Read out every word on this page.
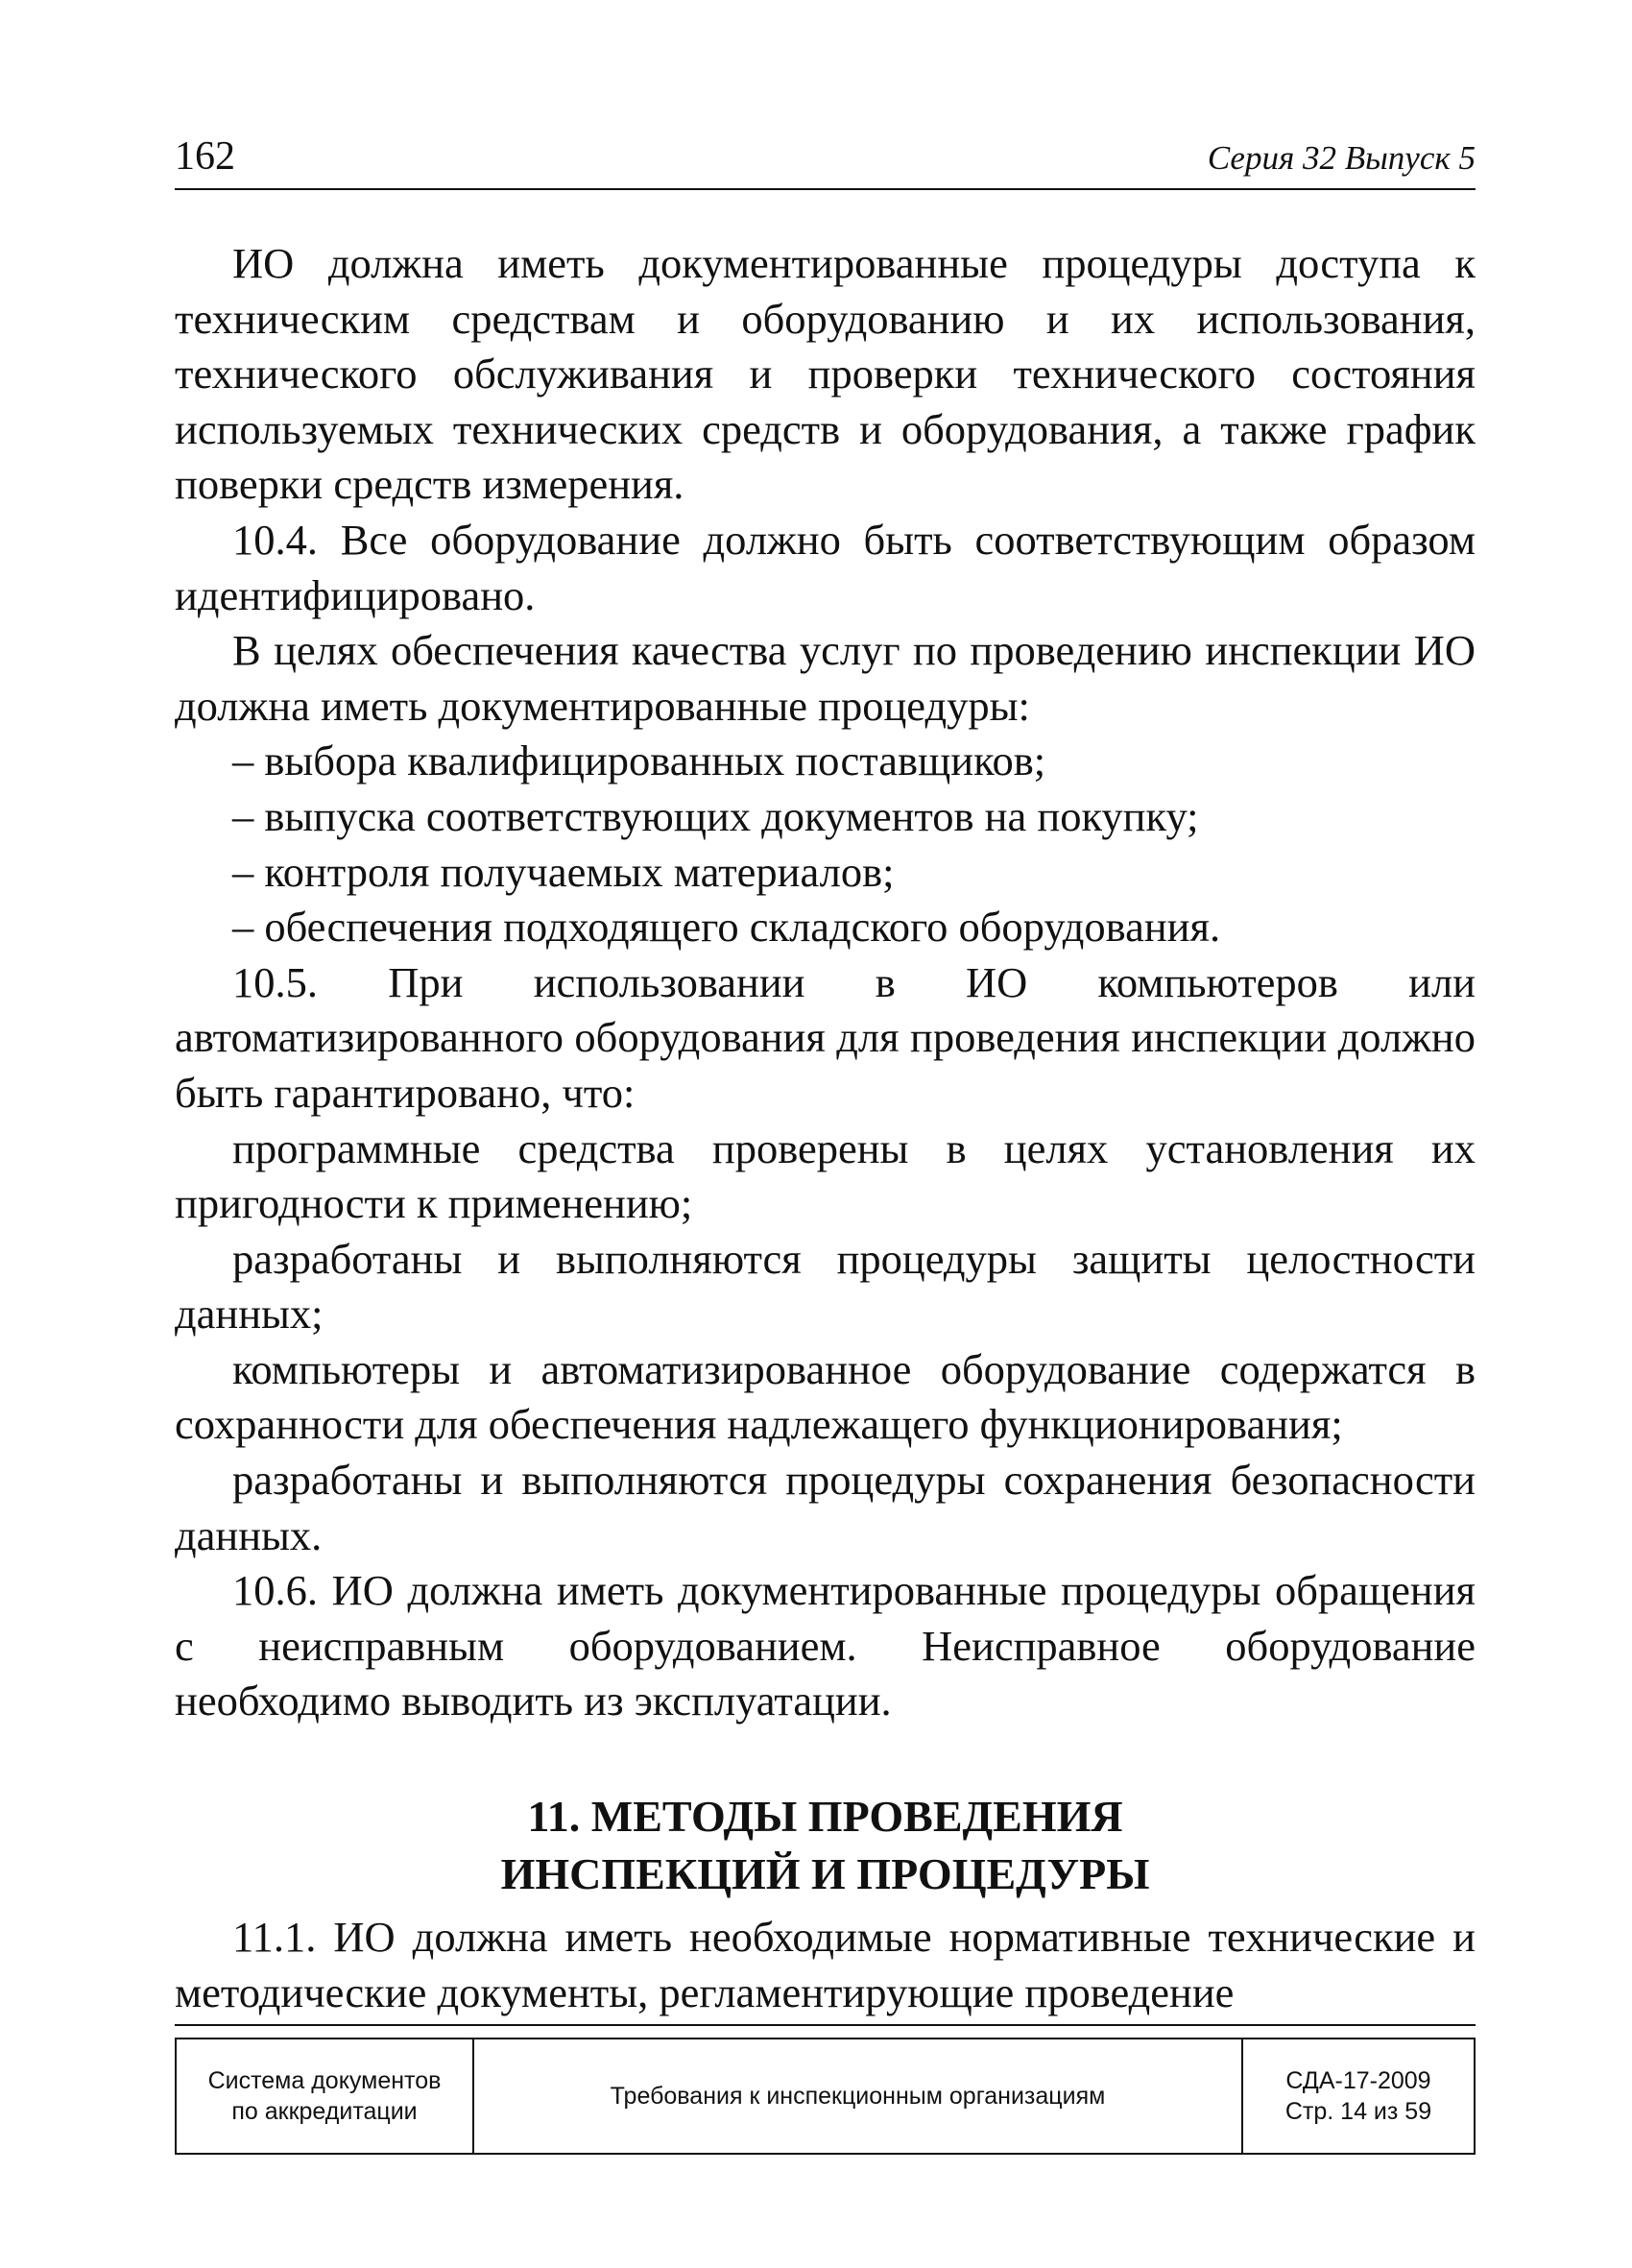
162	Серия 32 Выпуск 5

ИО должна иметь документированные процедуры доступа к техническим средствам и оборудованию и их использования, технического обслуживания и проверки технического состояния используемых технических средств и оборудования, а также график поверки средств измерения.

10.4. Все оборудование должно быть соответствующим образом идентифицировано.

В целях обеспечения качества услуг по проведению инспекции ИО должна иметь документированные процедуры:

– выбора квалифицированных поставщиков;

– выпуска соответствующих документов на покупку;

– контроля получаемых материалов;

– обеспечения подходящего складского оборудования.

10.5. При использовании в ИО компьютеров или автоматизированного оборудования для проведения инспекции должно быть гарантировано, что:

программные средства проверены в целях установления их пригодности к применению;

разработаны и выполняются процедуры защиты целостности данных;

компьютеры и автоматизированное оборудование содержатся в сохранности для обеспечения надлежащего функционирования;

разработаны и выполняются процедуры сохранения безопасности данных.

10.6. ИО должна иметь документированные процедуры обращения с неисправным оборудованием. Неисправное оборудование необходимо выводить из эксплуатации.

11. МЕТОДЫ ПРОВЕДЕНИЯ
ИНСПЕКЦИЙ И ПРОЦЕДУРЫ

11.1. ИО должна иметь необходимые нормативные технические и методические документы, регламентирующие проведение

Система документов
по аккредитации
Требования к инспекционным организациям
СДА-17-2009
Стр. 14 из 59
